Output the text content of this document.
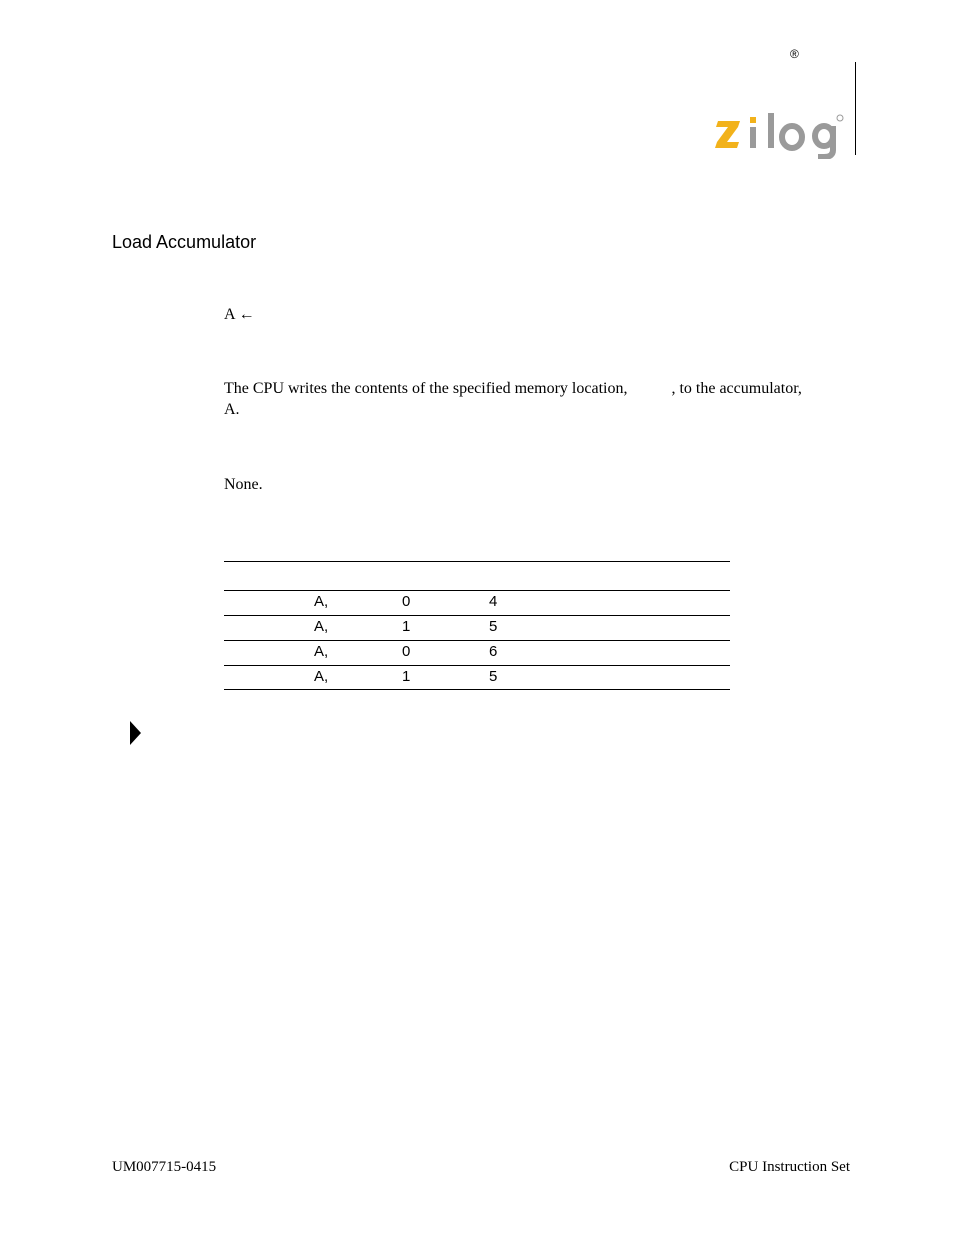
®
Load Accumulator
A ←
The CPU writes the contents of the specified memory location,	, to the accumulator,
A.
None.
A,	0	4
A,	1	5
A,	0	6
A,	1	5
UM007715-0415	CPU Instruction Set
